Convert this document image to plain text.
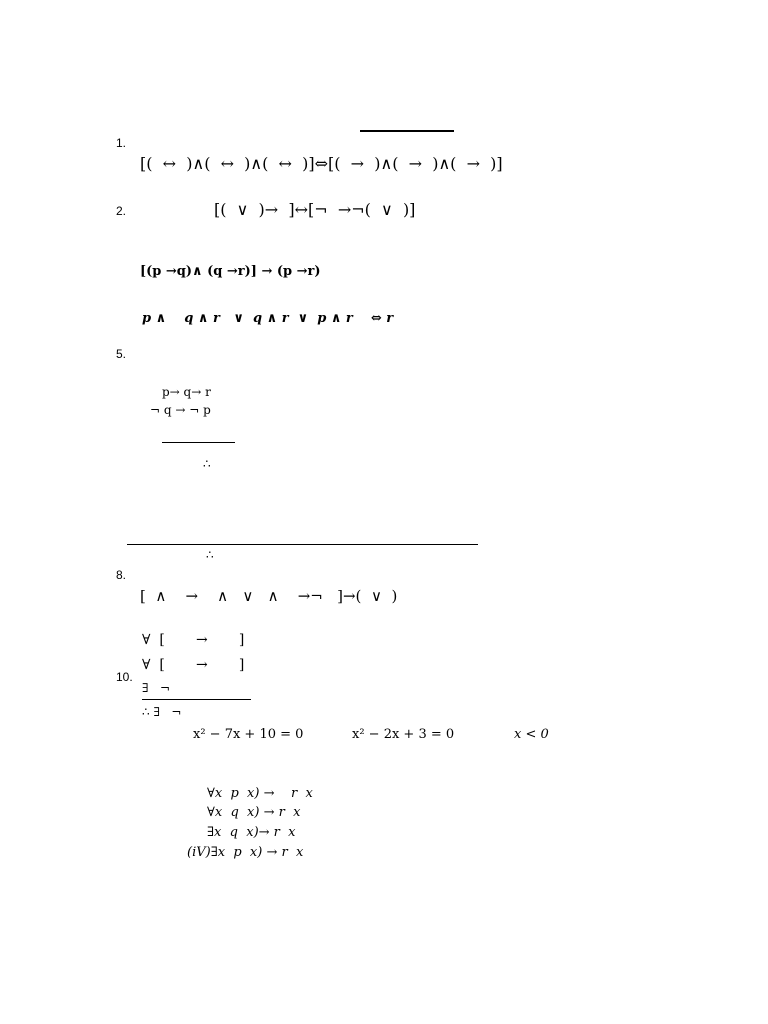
1.
[(  ↔  )∧(  ↔  )∧(  ↔  )]⇔[(  →  )∧(  →  )∧(  →  )]
2.	[(  ∨  )→  ]↔[¬  →¬(  ∨  )]
[(p →q)∧ (q →r)] → (p →r)
p ∧    q ∧ r   ∨  q ∧ r  ∨  p ∧ r    ⇔ r
5.
p→ q→ r
¬ q → ¬ p
∴
∴
8.
[  ∧    →    ∧   ∨   ∧    →¬   ]→(  ∨  )
∀  [       →       ]
∀  [       →       ]
10.
∃   ¬
∴ ∃   ¬
x² − 7x + 10 = 0	x² − 2x + 3 = 0	x < 0
∀x  p  x) →    r  x
∀x  q  x) → r  x
∃x  q  x)→ r  x
(iV)∃x  p  x) → r  x
